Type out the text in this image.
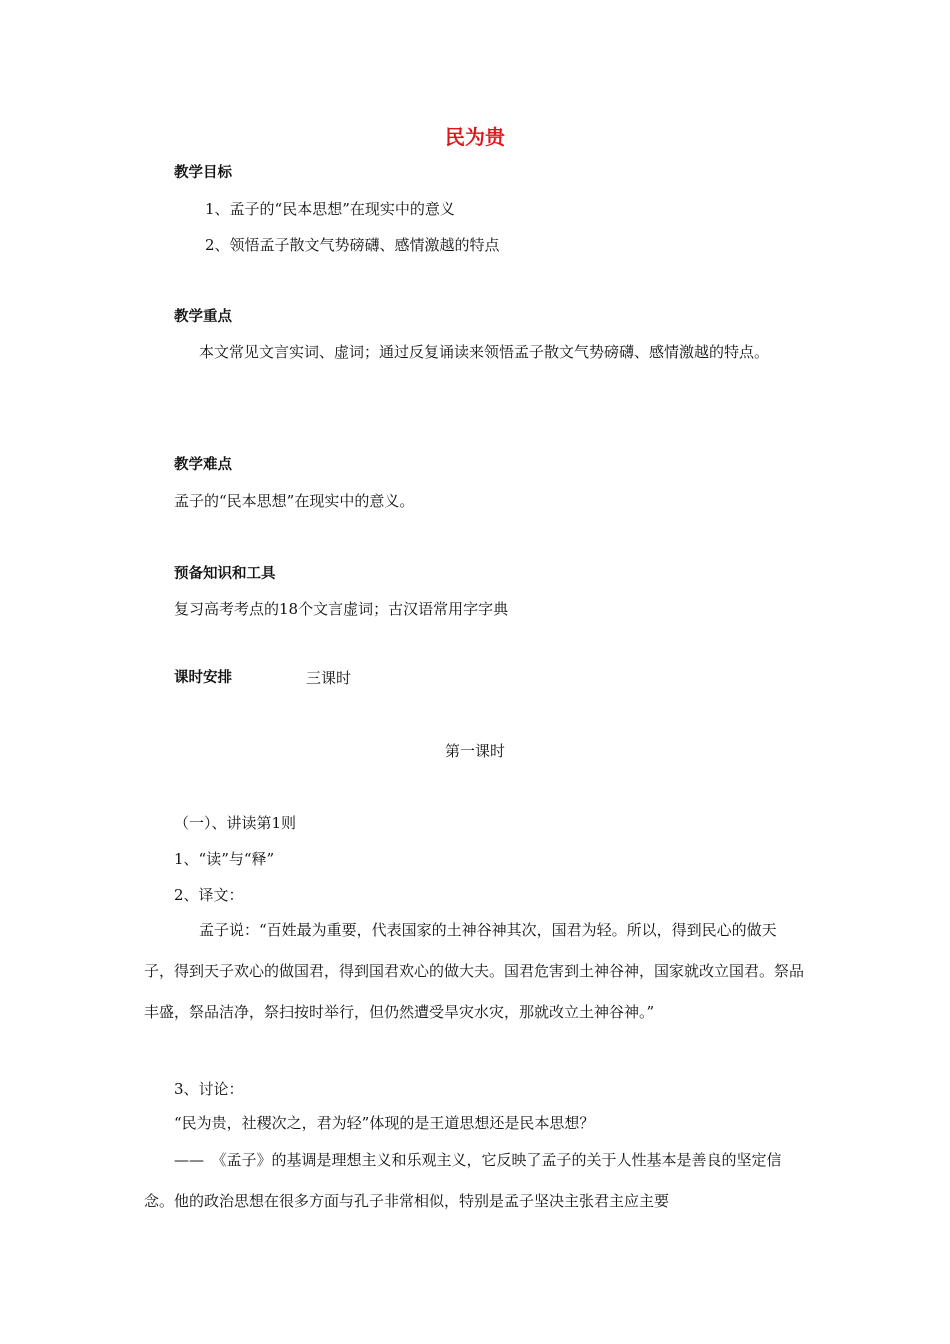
民为贵
教学目标
1、孟子的“民本思想”在现实中的意义
2、领悟孟子散文气势磅礴、感情激越的特点
教学重点
本文常见文言实词、虚词；通过反复诵读来领悟孟子散文气势磅礴、感情激越的特点。
教学难点
孟子的“民本思想”在现实中的意义。
预备知识和工具
复习高考考点的18个文言虚词；古汉语常用字字典
课时安排	三课时
第一课时
（一）、讲读第1则
1、“读”与“释”
2、译文：
孟子说：“百姓最为重要，代表国家的土神谷神其次，国君为轻。所以，得到民心的做天子，得到天子欢心的做国君，得到国君欢心的做大夫。国君危害到土神谷神，国家就改立国君。祭品丰盛，祭品洁净，祭扫按时举行，但仍然遭受旱灾水灾，那就改立土神谷神。”
3、讨论：
“民为贵，社稷次之，君为轻”体现的是王道思想还是民本思想？
——　《孟子》的基调是理想主义和乐观主义，它反映了孟子的关于人性基本是善良的坚定信念。他的政治思想在很多方面与孔子非常相似，特别是孟子坚决主张君主应主要
